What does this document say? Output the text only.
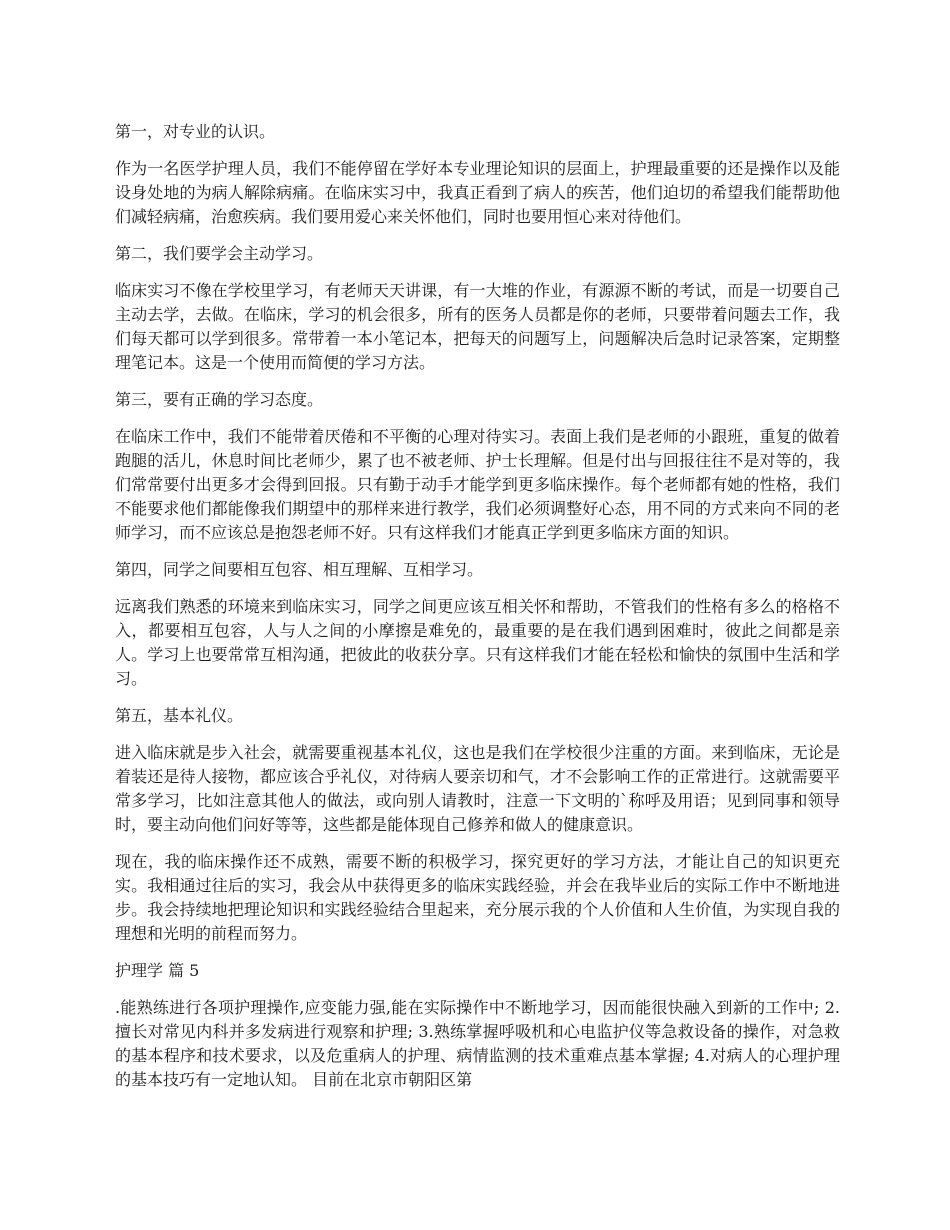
第一，对专业的认识。
作为一名医学护理人员，我们不能停留在学好本专业理论知识的层面上，护理最重要的还是操作以及能设身处地的为病人解除病痛。在临床实习中，我真正看到了病人的疾苦，他们迫切的希望我们能帮助他们减轻病痛，治愈疾病。我们要用爱心来关怀他们，同时也要用恒心来对待他们。
第二，我们要学会主动学习。
临床实习不像在学校里学习，有老师天天讲课，有一大堆的作业，有源源不断的考试，而是一切要自己主动去学，去做。在临床，学习的机会很多，所有的医务人员都是你的老师，只要带着问题去工作，我们每天都可以学到很多。常带着一本小笔记本，把每天的问题写上，问题解决后急时记录答案，定期整理笔记本。这是一个使用而简便的学习方法。
第三，要有正确的学习态度。
在临床工作中，我们不能带着厌倦和不平衡的心理对待实习。表面上我们是老师的小跟班，重复的做着跑腿的活儿，休息时间比老师少，累了也不被老师、护士长理解。但是付出与回报往往不是对等的，我们常常要付出更多才会得到回报。只有勤于动手才能学到更多临床操作。每个老师都有她的性格，我们不能要求他们都能像我们期望中的那样来进行教学，我们必须调整好心态，用不同的方式来向不同的老师学习，而不应该总是抱怨老师不好。只有这样我们才能真正学到更多临床方面的知识。
第四，同学之间要相互包容、相互理解、互相学习。
远离我们熟悉的环境来到临床实习，同学之间更应该互相关怀和帮助，不管我们的性格有多么的格格不入，都要相互包容，人与人之间的小摩擦是难免的，最重要的是在我们遇到困难时，彼此之间都是亲人。学习上也要常常互相沟通，把彼此的收获分享。只有这样我们才能在轻松和愉快的氛围中生活和学习。
第五，基本礼仪。
进入临床就是步入社会，就需要重视基本礼仪，这也是我们在学校很少注重的方面。来到临床，无论是着装还是待人接物，都应该合乎礼仪，对待病人要亲切和气，才不会影响工作的正常进行。这就需要平常多学习，比如注意其他人的做法，或向别人请教时，注意一下文明的`称呼及用语；见到同事和领导时，要主动向他们问好等等，这些都是能体现自己修养和做人的健康意识。
现在，我的临床操作还不成熟，需要不断的积极学习，探究更好的学习方法，才能让自己的知识更充实。我相通过往后的实习，我会从中获得更多的临床实践经验，并会在我毕业后的实际工作中不断地进步。我会持续地把理论知识和实践经验结合里起来，充分展示我的个人价值和人生价值，为实现自我的理想和光明的前程而努力。
护理学 篇 5
.能熟练进行各项护理操作,应变能力强,能在实际操作中不断地学习，因而能很快融入到新的工作中; 2.擅长对常见内科并多发病进行观察和护理; 3.熟练掌握呼吸机和心电监护仪等急救设备的操作，对急救的基本程序和技术要求，以及危重病人的护理、病情监测的技术重难点基本掌握; 4.对病人的心理护理的基本技巧有一定地认知。 目前在北京市朝阳区第
